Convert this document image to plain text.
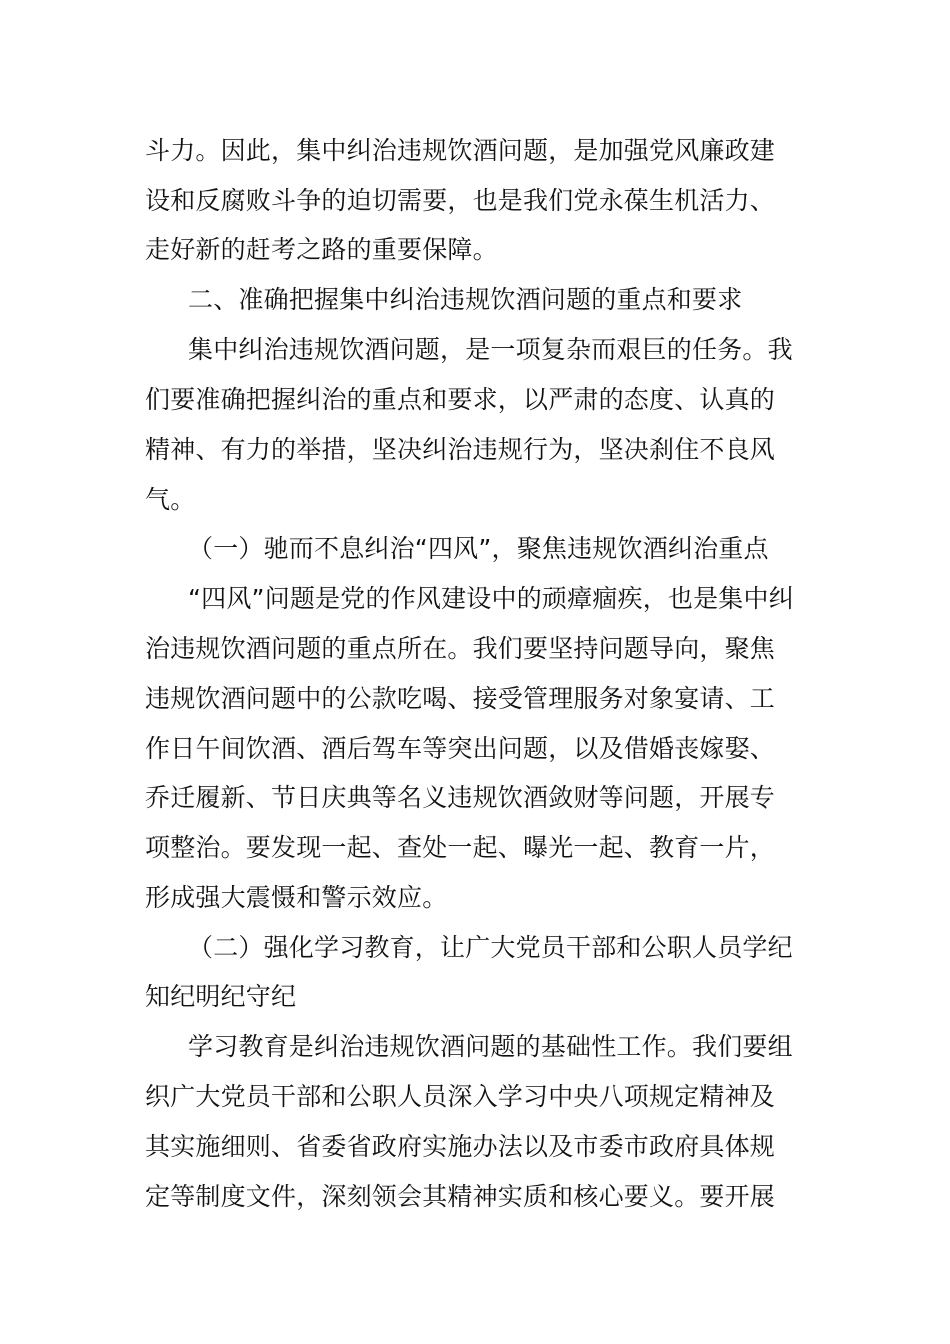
斗力。因此，集中纠治违规饮酒问题，是加强党风廉政建
设和反腐败斗争的迫切需要，也是我们党永葆生机活力、
走好新的赶考之路的重要保障。
二、准确把握集中纠治违规饮酒问题的重点和要求
集中纠治违规饮酒问题，是一项复杂而艰巨的任务。我
们要准确把握纠治的重点和要求，以严肃的态度、认真的
精神、有力的举措，坚决纠治违规行为，坚决刹住不良风
气。
（一）驰而不息纠治“四风”，聚焦违规饮酒纠治重点
“四风”问题是党的作风建设中的顽瘴痼疾，也是集中纠
治违规饮酒问题的重点所在。我们要坚持问题导向，聚焦
违规饮酒问题中的公款吃喝、接受管理服务对象宴请、工
作日午间饮酒、酒后驾车等突出问题，以及借婚丧嫁娶、
乔迁履新、节日庆典等名义违规饮酒敛财等问题，开展专
项整治。要发现一起、查处一起、曝光一起、教育一片，
形成强大震慑和警示效应。
（二）强化学习教育，让广大党员干部和公职人员学纪
知纪明纪守纪
学习教育是纠治违规饮酒问题的基础性工作。我们要组
织广大党员干部和公职人员深入学习中央八项规定精神及
其实施细则、省委省政府实施办法以及市委市政府具体规
定等制度文件，深刻领会其精神实质和核心要义。要开展
